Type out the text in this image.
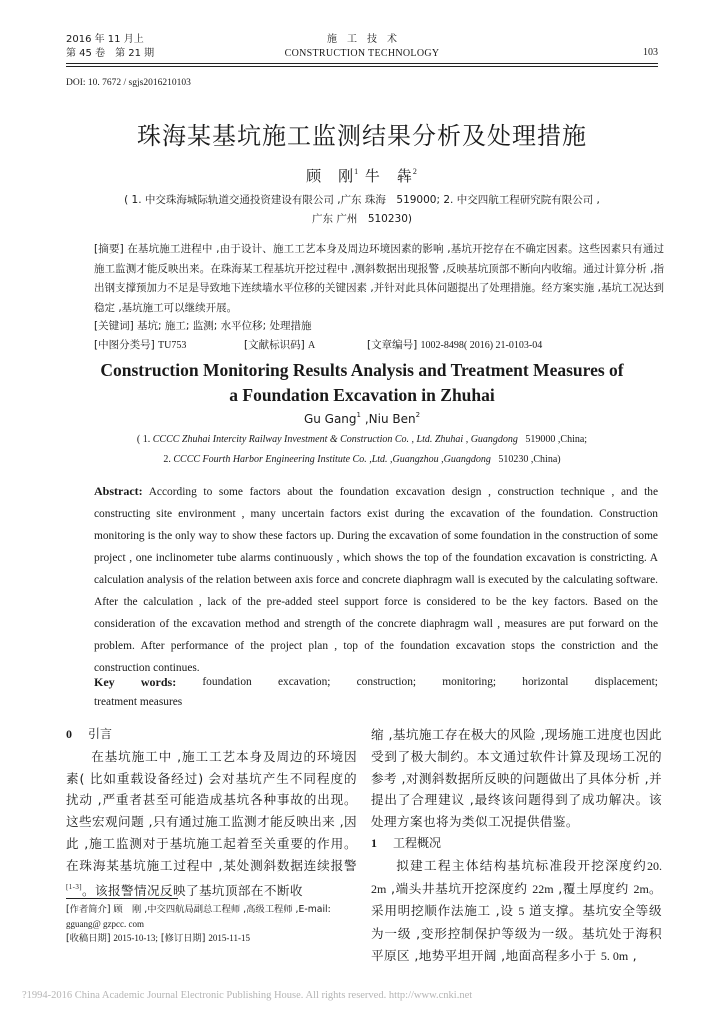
2016 年 11 月上
第 45 卷　第 21 期
施工技术
CONSTRUCTION TECHNOLOGY	103
DOI: 10. 7672 / sgjs2016210103
珠海某基坑施工监测结果分析及处理措施
顾　刚$^1$ 牛　犇$^2$
( 1. 中交珠海城际轨道交通投资建设有限公司 ,广东 珠海　519000; 2. 中交四航工程研究院有限公司 ,
广东 广州　510230)
[摘要] 在基坑施工进程中 ,由于设计、施工工艺本身及周边环境因素的影响 ,基坑开挖存在不确定因素。这些因素只有通过施工监测才能反映出来。在珠海某工程基坑开挖过程中 ,测斜数据出现报警 ,反映基坑顶部不断向内收缩。通过计算分析 ,指出钢支撑预加力不足是导致地下连续墙水平位移的关键因素 ,并针对此具体问题提出了处理措施。经方案实施 ,基坑工况达到稳定 ,基坑施工可以继续开展。
[关键词] 基坑; 施工; 监测; 水平位移; 处理措施
[中图分类号] TU753	[文献标识码] A	[文章编号] 1002-8498( 2016) 21-0103-04
Construction Monitoring Results Analysis and Treatment Measures of
a Foundation Excavation in Zhuhai
Gu Gang$^1$ ,Niu Ben$^2$
( 1. CCCC Zhuhai Intercity Railway Investment & Construction Co. , Ltd. Zhuhai , Guangdong 519000 ,China;
2. CCCC Fourth Harbor Engineering Institute Co. ,Ltd. ,Guangzhou ,Guangdong 510230 ,China)
Abstract: According to some factors about the foundation excavation design , construction technique , and the constructing site environment , many uncertain factors exist during the excavation of the foundation. Construction monitoring is the only way to show these factors up. During the excavation of some foundation in the construction of some project , one inclinometer tube alarms continuously , which shows the top of the foundation excavation is constricting. A calculation analysis of the relation between axis force and concrete diaphragm wall is executed by the calculating software. After the calculation , lack of the pre-added steel support force is considered to be the key factors. Based on the consideration of the excavation method and strength of the concrete diaphragm wall , measures are put forward on the problem. After performance of the project plan , top of the foundation excavation stops the constriction and the construction continues.
Key words: foundation excavation; construction; monitoring; horizontal displacement;
treatment measures
0 引言
在基坑施工中 ,施工工艺本身及周边的环境因素( 比如重载设备经过) 会对基坑产生不同程度的扰动 ,严重者甚至可能造成基坑各种事故的出现。这些宏观问题 ,只有通过施工监测才能反映出来 ,因此 ,施工监测对于基坑施工起着至关重要的作用。在珠海某基坑施工过程中 ,某处测斜数据连续报警[1-3]。该报警情况反映了基坑顶部在不断收
[作者简介] 顾　刚 ,中交四航局副总工程师 ,高级工程师 ,E-mail:
gguang@ gzpcc. com
[收稿日期] 2015-10-13; [修订日期] 2015-11-15
缩 ,基坑施工存在极大的风险 ,现场施工进度也因此受到了极大制约。本文通过软件计算及现场工况的参考 ,对测斜数据所反映的问题做出了具体分析 ,并提出了合理建议 ,最终该问题得到了成功解决。该处理方案也将为类似工况提供借鉴。
1 工程概况
拟建工程主体结构基坑标准段开挖深度约20. 2m ,端头井基坑开挖深度约 22m ,覆土厚度约 2m。采用明挖顺作法施工 ,设 5 道支撑。基坑安全等级为一级 ,变形控制保护等级为一级。基坑处于海积平原区 ,地势平坦开阔 ,地面高程多小于 5. 0m ,
?1994-2016 China Academic Journal Electronic Publishing House. All rights reserved. http://www.cnki.net
